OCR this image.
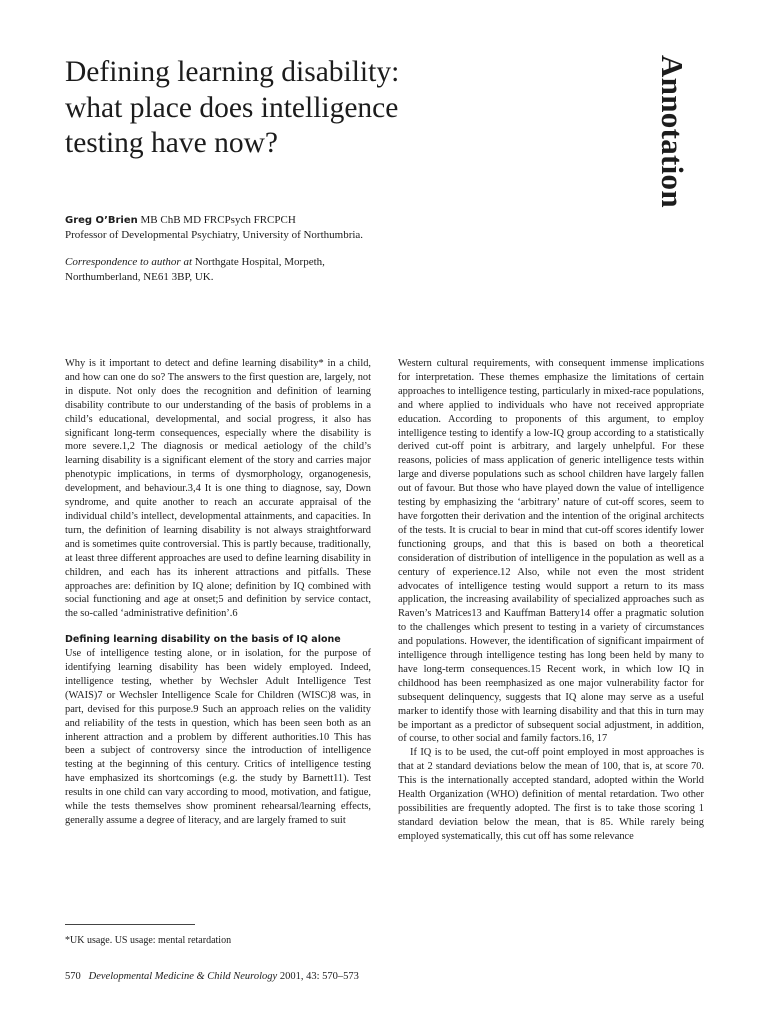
Defining learning disability: what place does intelligence testing have now?	Annotation
Greg O’Brien MB ChB MD FRCPsych FRCPCH
Professor of Developmental Psychiatry, University of Northumbria.
Correspondence to author at Northgate Hospital, Morpeth, Northumberland, NE61 3BP, UK.

Why is it important to detect and define learning disability* in a child, and how can one do so? The answers to the first question are, largely, not in dispute. Not only does the recognition and definition of learning disability contribute to our understanding of the basis of problems in a child’s educational, developmental, and social progress, it also has significant long-term consequences, especially where the disability is more severe.1,2 The diagnosis or medical aetiology of the child’s learning disability is a significant element of the story and carries major phenotypic implications, in terms of dysmorphology, organogenesis, development, and behaviour.3,4 It is one thing to diagnose, say, Down syndrome, and quite another to reach an accurate appraisal of the individual child’s intellect, developmental attainments, and capacities. In turn, the definition of learning disability is not always straightforward and is sometimes quite controversial. This is partly because, traditionally, at least three different approaches are used to define learning disability in children, and each has its inherent attractions and pitfalls. These approaches are: definition by IQ alone; definition by IQ combined with social functioning and age at onset;5 and definition by service contact, the so-called ‘administrative definition’.6

Defining learning disability on the basis of IQ alone

Use of intelligence testing alone, or in isolation, for the purpose of identifying learning disability has been widely employed. Indeed, intelligence testing, whether by Wechsler Adult Intelligence Test (WAIS)7 or Wechsler Intelligence Scale for Children (WISC)8 was, in part, devised for this purpose.9 Such an approach relies on the validity and reliability of the tests in question, which has been seen both as an inherent attraction and a problem by different authorities.10 This has been a subject of controversy since the introduction of intelligence testing at the beginning of this century. Critics of intelligence testing have emphasized its shortcomings (e.g. the study by Barnett11). Test results in one child can vary according to mood, motivation, and fatigue, while the tests themselves show prominent rehearsal/learning effects, generally assume a degree of literacy, and are largely framed to suit

Western cultural requirements, with consequent immense implications for interpretation. These themes emphasize the limitations of certain approaches to intelligence testing, particularly in mixed-race populations, and where applied to individuals who have not received appropriate education. According to proponents of this argument, to employ intelligence testing to identify a low-IQ group according to a statistically derived cut-off point is arbitrary, and largely unhelpful. For these reasons, policies of mass application of generic intelligence tests within large and diverse populations such as school children have largely fallen out of favour. But those who have played down the value of intelligence testing by emphasizing the ‘arbitrary’ nature of cut-off scores, seem to have forgotten their derivation and the intention of the original architects of the tests. It is crucial to bear in mind that cut-off scores identify lower functioning groups, and that this is based on both a theoretical consideration of distribution of intelligence in the population as well as a century of experience.12 Also, while not even the most strident advocates of intelligence testing would support a return to its mass application, the increasing availability of specialized approaches such as Raven’s Matrices13 and Kauffman Battery14 offer a pragmatic solution to the challenges which present to testing in a variety of circumstances and populations. However, the identification of significant impairment of intelligence through intelligence testing has long been held by many to have long-term consequences.15 Recent work, in which low IQ in childhood has been reemphasized as one major vulnerability factor for subsequent delinquency, suggests that IQ alone may serve as a useful marker to identify those with learning disability and that this in turn may be important as a predictor of subsequent social adjustment, in addition, of course, to other social and family factors.16, 17

If IQ is to be used, the cut-off point employed in most approaches is that at 2 standard deviations below the mean of 100, that is, at score 70. This is the internationally accepted standard, adopted within the World Health Organization (WHO) definition of mental retardation. Two other possibilities are frequently adopted. The first is to take those scoring 1 standard deviation below the mean, that is 85. While rarely being employed systematically, this cut off has some relevance

*UK usage. US usage: mental retardation
570 Developmental Medicine & Child Neurology 2001, 43: 570–573
